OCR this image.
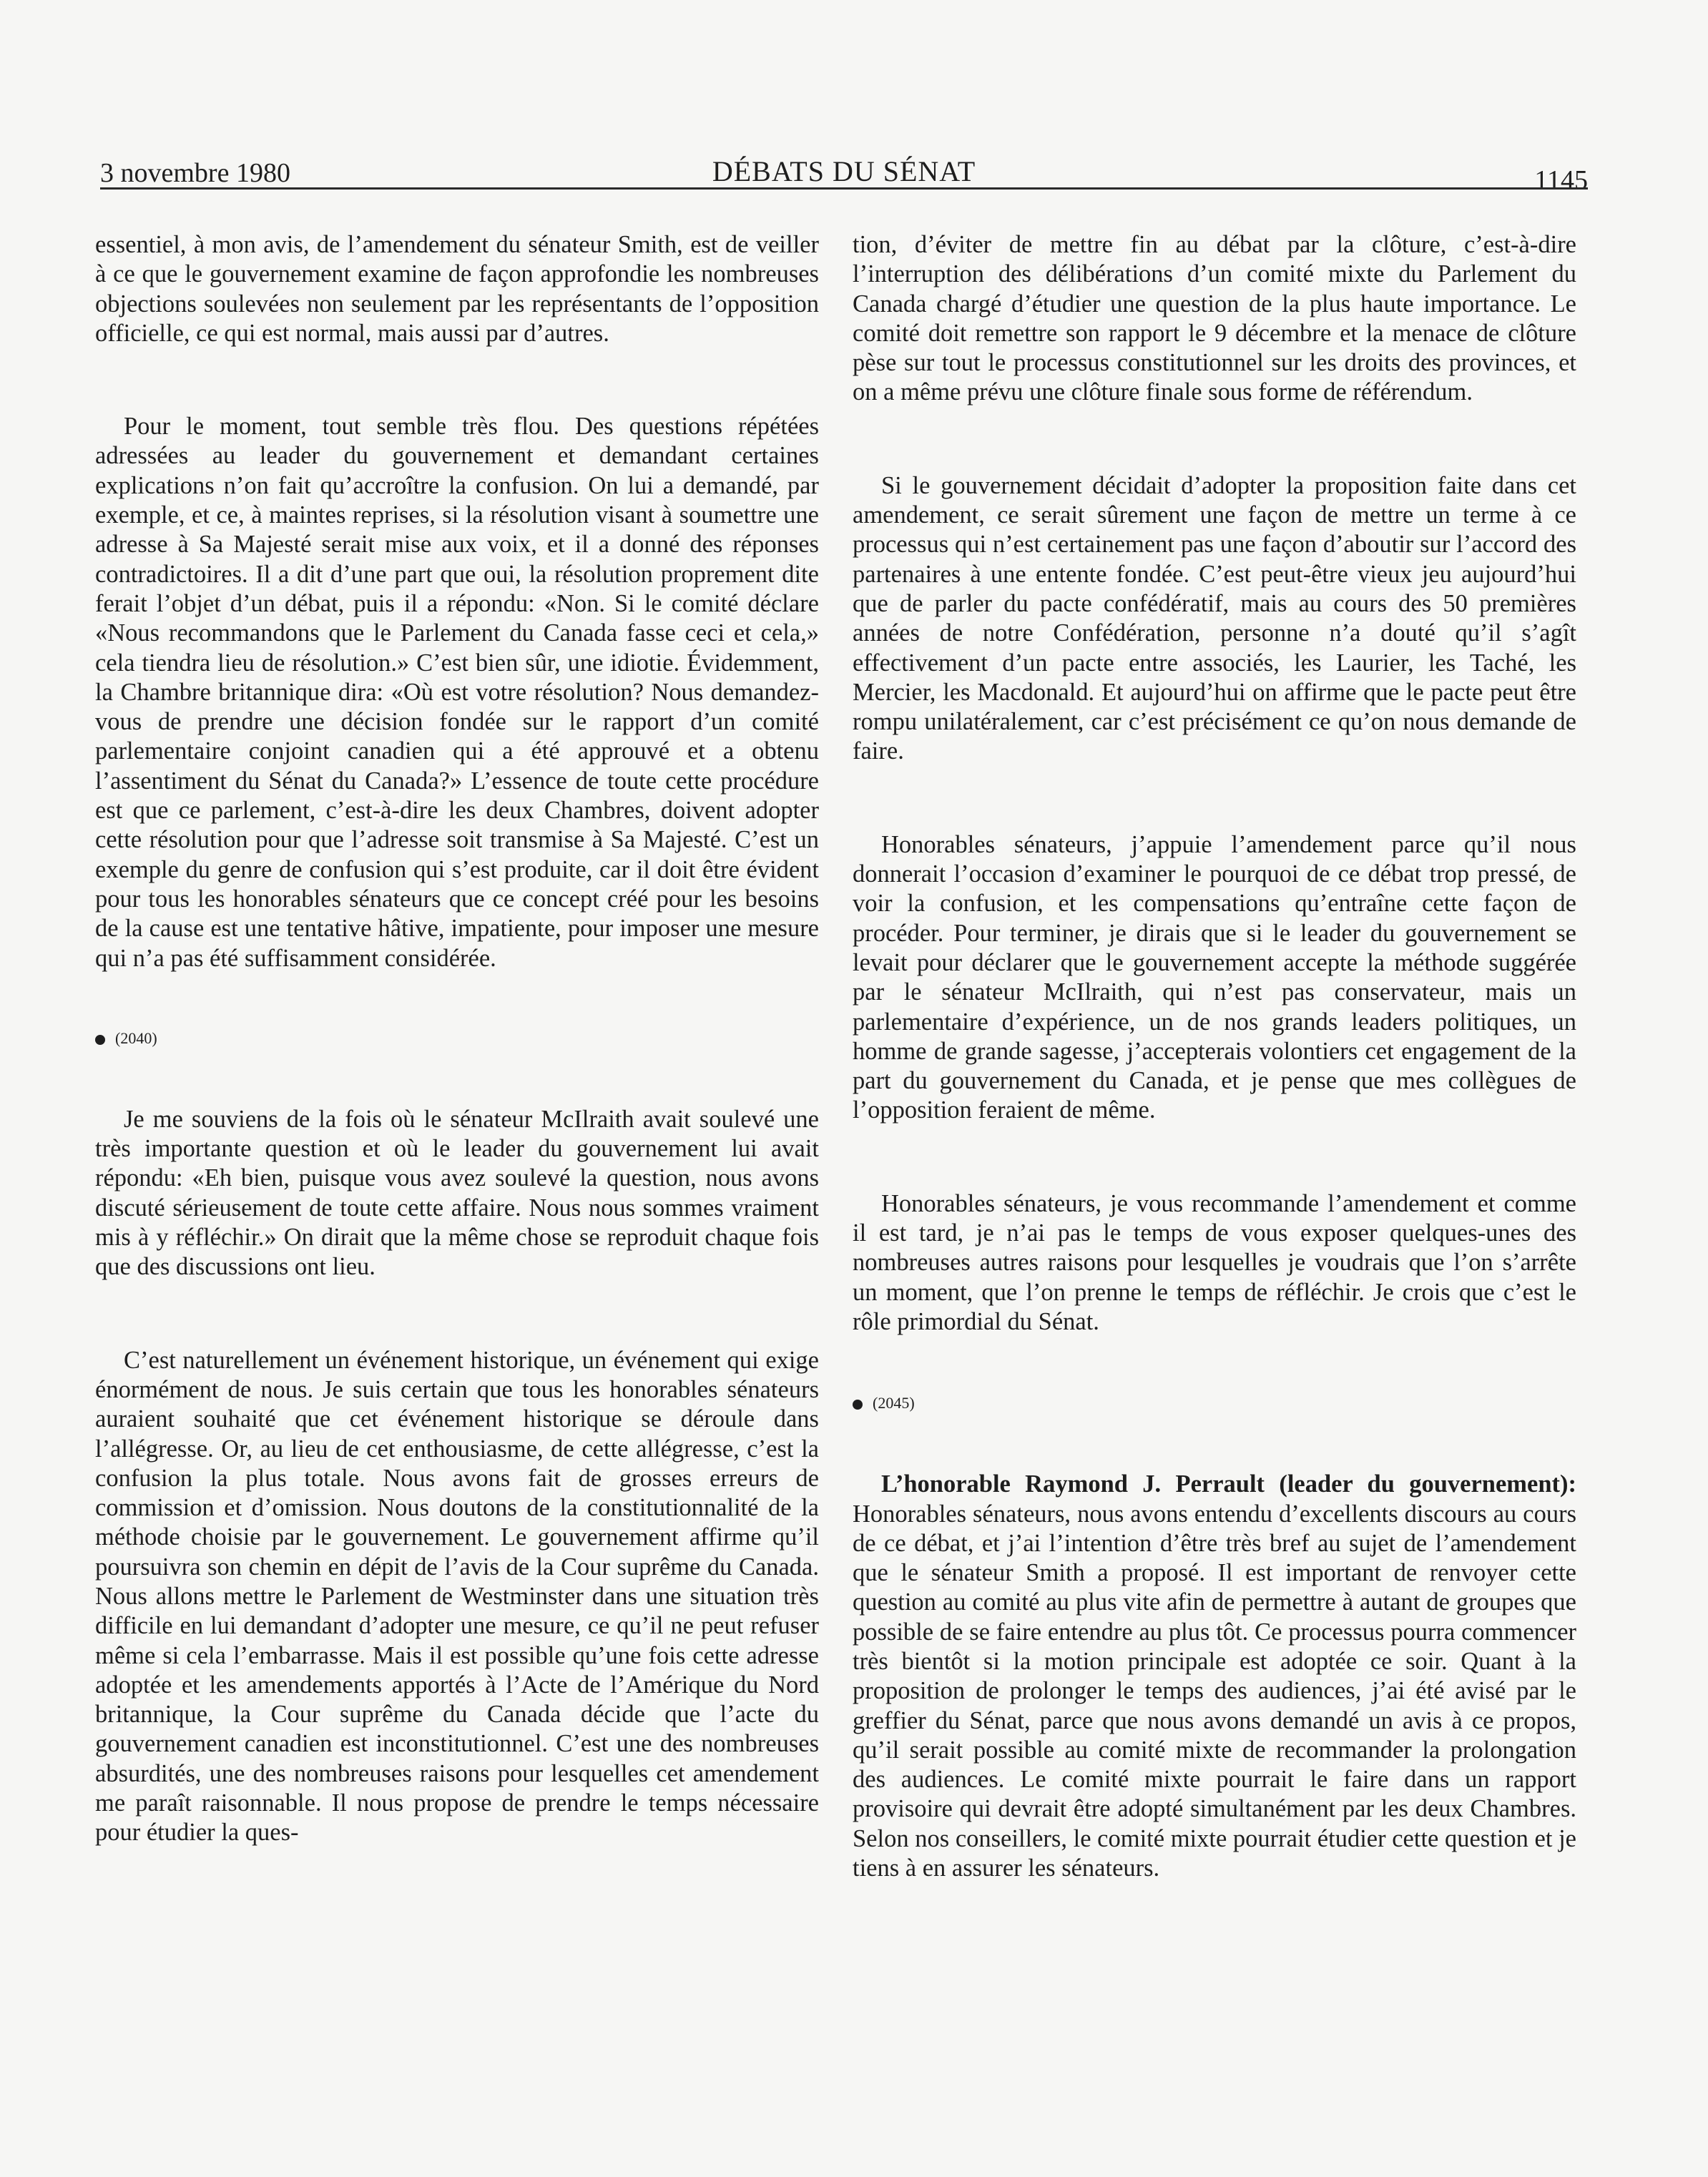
3 novembre 1980	DÉBATS DU SÉNAT	1145

essentiel, à mon avis, de l’amendement du sénateur Smith, est de veiller à ce que le gouvernement examine de façon approfondie les nombreuses objections soulevées non seulement par les représentants de l’opposition officielle, ce qui est normal, mais aussi par d’autres.

Pour le moment, tout semble très flou. Des questions répétées adressées au leader du gouvernement et demandant certaines explications n’on fait qu’accroître la confusion. On lui a demandé, par exemple, et ce, à maintes reprises, si la résolution visant à soumettre une adresse à Sa Majesté serait mise aux voix, et il a donné des réponses contradictoires. Il a dit d’une part que oui, la résolution proprement dite ferait l’objet d’un débat, puis il a répondu: «Non. Si le comité déclare «Nous recommandons que le Parlement du Canada fasse ceci et cela,» cela tiendra lieu de résolution.» C’est bien sûr, une idiotie. Évidemment, la Chambre britannique dira: «Où est votre résolution? Nous demandez-vous de prendre une décision fondée sur le rapport d’un comité parlementaire conjoint canadien qui a été approuvé et a obtenu l’assentiment du Sénat du Canada?» L’essence de toute cette procédure est que ce parlement, c’est-à-dire les deux Chambres, doivent adopter cette résolution pour que l’adresse soit transmise à Sa Majesté. C’est un exemple du genre de confusion qui s’est produite, car il doit être évident pour tous les honorables sénateurs que ce concept créé pour les besoins de la cause est une tentative hâtive, impatiente, pour imposer une mesure qui n’a pas été suffisamment considérée.

(2040)

Je me souviens de la fois où le sénateur McIlraith avait soulevé une très importante question et où le leader du gouvernement lui avait répondu: «Eh bien, puisque vous avez soulevé la question, nous avons discuté sérieusement de toute cette affaire. Nous nous sommes vraiment mis à y réfléchir.» On dirait que la même chose se reproduit chaque fois que des discussions ont lieu.

C’est naturellement un événement historique, un événement qui exige énormément de nous. Je suis certain que tous les honorables sénateurs auraient souhaité que cet événement historique se déroule dans l’allégresse. Or, au lieu de cet enthousiasme, de cette allégresse, c’est la confusion la plus totale. Nous avons fait de grosses erreurs de commission et d’omission. Nous doutons de la constitutionnalité de la méthode choisie par le gouvernement. Le gouvernement affirme qu’il poursuivra son chemin en dépit de l’avis de la Cour suprême du Canada. Nous allons mettre le Parlement de Westminster dans une situation très difficile en lui demandant d’adopter une mesure, ce qu’il ne peut refuser même si cela l’embarrasse. Mais il est possible qu’une fois cette adresse adoptée et les amendements apportés à l’Acte de l’Amérique du Nord britannique, la Cour suprême du Canada décide que l’acte du gouvernement canadien est inconstitutionnel. C’est une des nombreuses absurdités, une des nombreuses raisons pour lesquelles cet amendement me paraît raisonnable. Il nous propose de prendre le temps nécessaire pour étudier la ques-

tion, d’éviter de mettre fin au débat par la clôture, c’est-à-dire l’interruption des délibérations d’un comité mixte du Parlement du Canada chargé d’étudier une question de la plus haute importance. Le comité doit remettre son rapport le 9 décembre et la menace de clôture pèse sur tout le processus constitutionnel sur les droits des provinces, et on a même prévu une clôture finale sous forme de référendum.

Si le gouvernement décidait d’adopter la proposition faite dans cet amendement, ce serait sûrement une façon de mettre un terme à ce processus qui n’est certainement pas une façon d’aboutir sur l’accord des partenaires à une entente fondée. C’est peut-être vieux jeu aujourd’hui que de parler du pacte confédératif, mais au cours des 50 premières années de notre Confédération, personne n’a douté qu’il s’agît effectivement d’un pacte entre associés, les Laurier, les Taché, les Mercier, les Macdonald. Et aujourd’hui on affirme que le pacte peut être rompu unilatéralement, car c’est précisément ce qu’on nous demande de faire.

Honorables sénateurs, j’appuie l’amendement parce qu’il nous donnerait l’occasion d’examiner le pourquoi de ce débat trop pressé, de voir la confusion, et les compensations qu’entraîne cette façon de procéder. Pour terminer, je dirais que si le leader du gouvernement se levait pour déclarer que le gouvernement accepte la méthode suggérée par le sénateur McIlraith, qui n’est pas conservateur, mais un parlementaire d’expérience, un de nos grands leaders politiques, un homme de grande sagesse, j’accepterais volontiers cet engagement de la part du gouvernement du Canada, et je pense que mes collègues de l’opposition feraient de même.

Honorables sénateurs, je vous recommande l’amendement et comme il est tard, je n’ai pas le temps de vous exposer quelques-unes des nombreuses autres raisons pour lesquelles je voudrais que l’on s’arrête un moment, que l’on prenne le temps de réfléchir. Je crois que c’est le rôle primordial du Sénat.

(2045)

L’honorable Raymond J. Perrault (leader du gouvernement): Honorables sénateurs, nous avons entendu d’excellents discours au cours de ce débat, et j’ai l’intention d’être très bref au sujet de l’amendement que le sénateur Smith a proposé. Il est important de renvoyer cette question au comité au plus vite afin de permettre à autant de groupes que possible de se faire entendre au plus tôt. Ce processus pourra commencer très bientôt si la motion principale est adoptée ce soir. Quant à la proposition de prolonger le temps des audiences, j’ai été avisé par le greffier du Sénat, parce que nous avons demandé un avis à ce propos, qu’il serait possible au comité mixte de recommander la prolongation des audiences. Le comité mixte pourrait le faire dans un rapport provisoire qui devrait être adopté simultanément par les deux Chambres. Selon nos conseillers, le comité mixte pourrait étudier cette question et je tiens à en assurer les sénateurs.
